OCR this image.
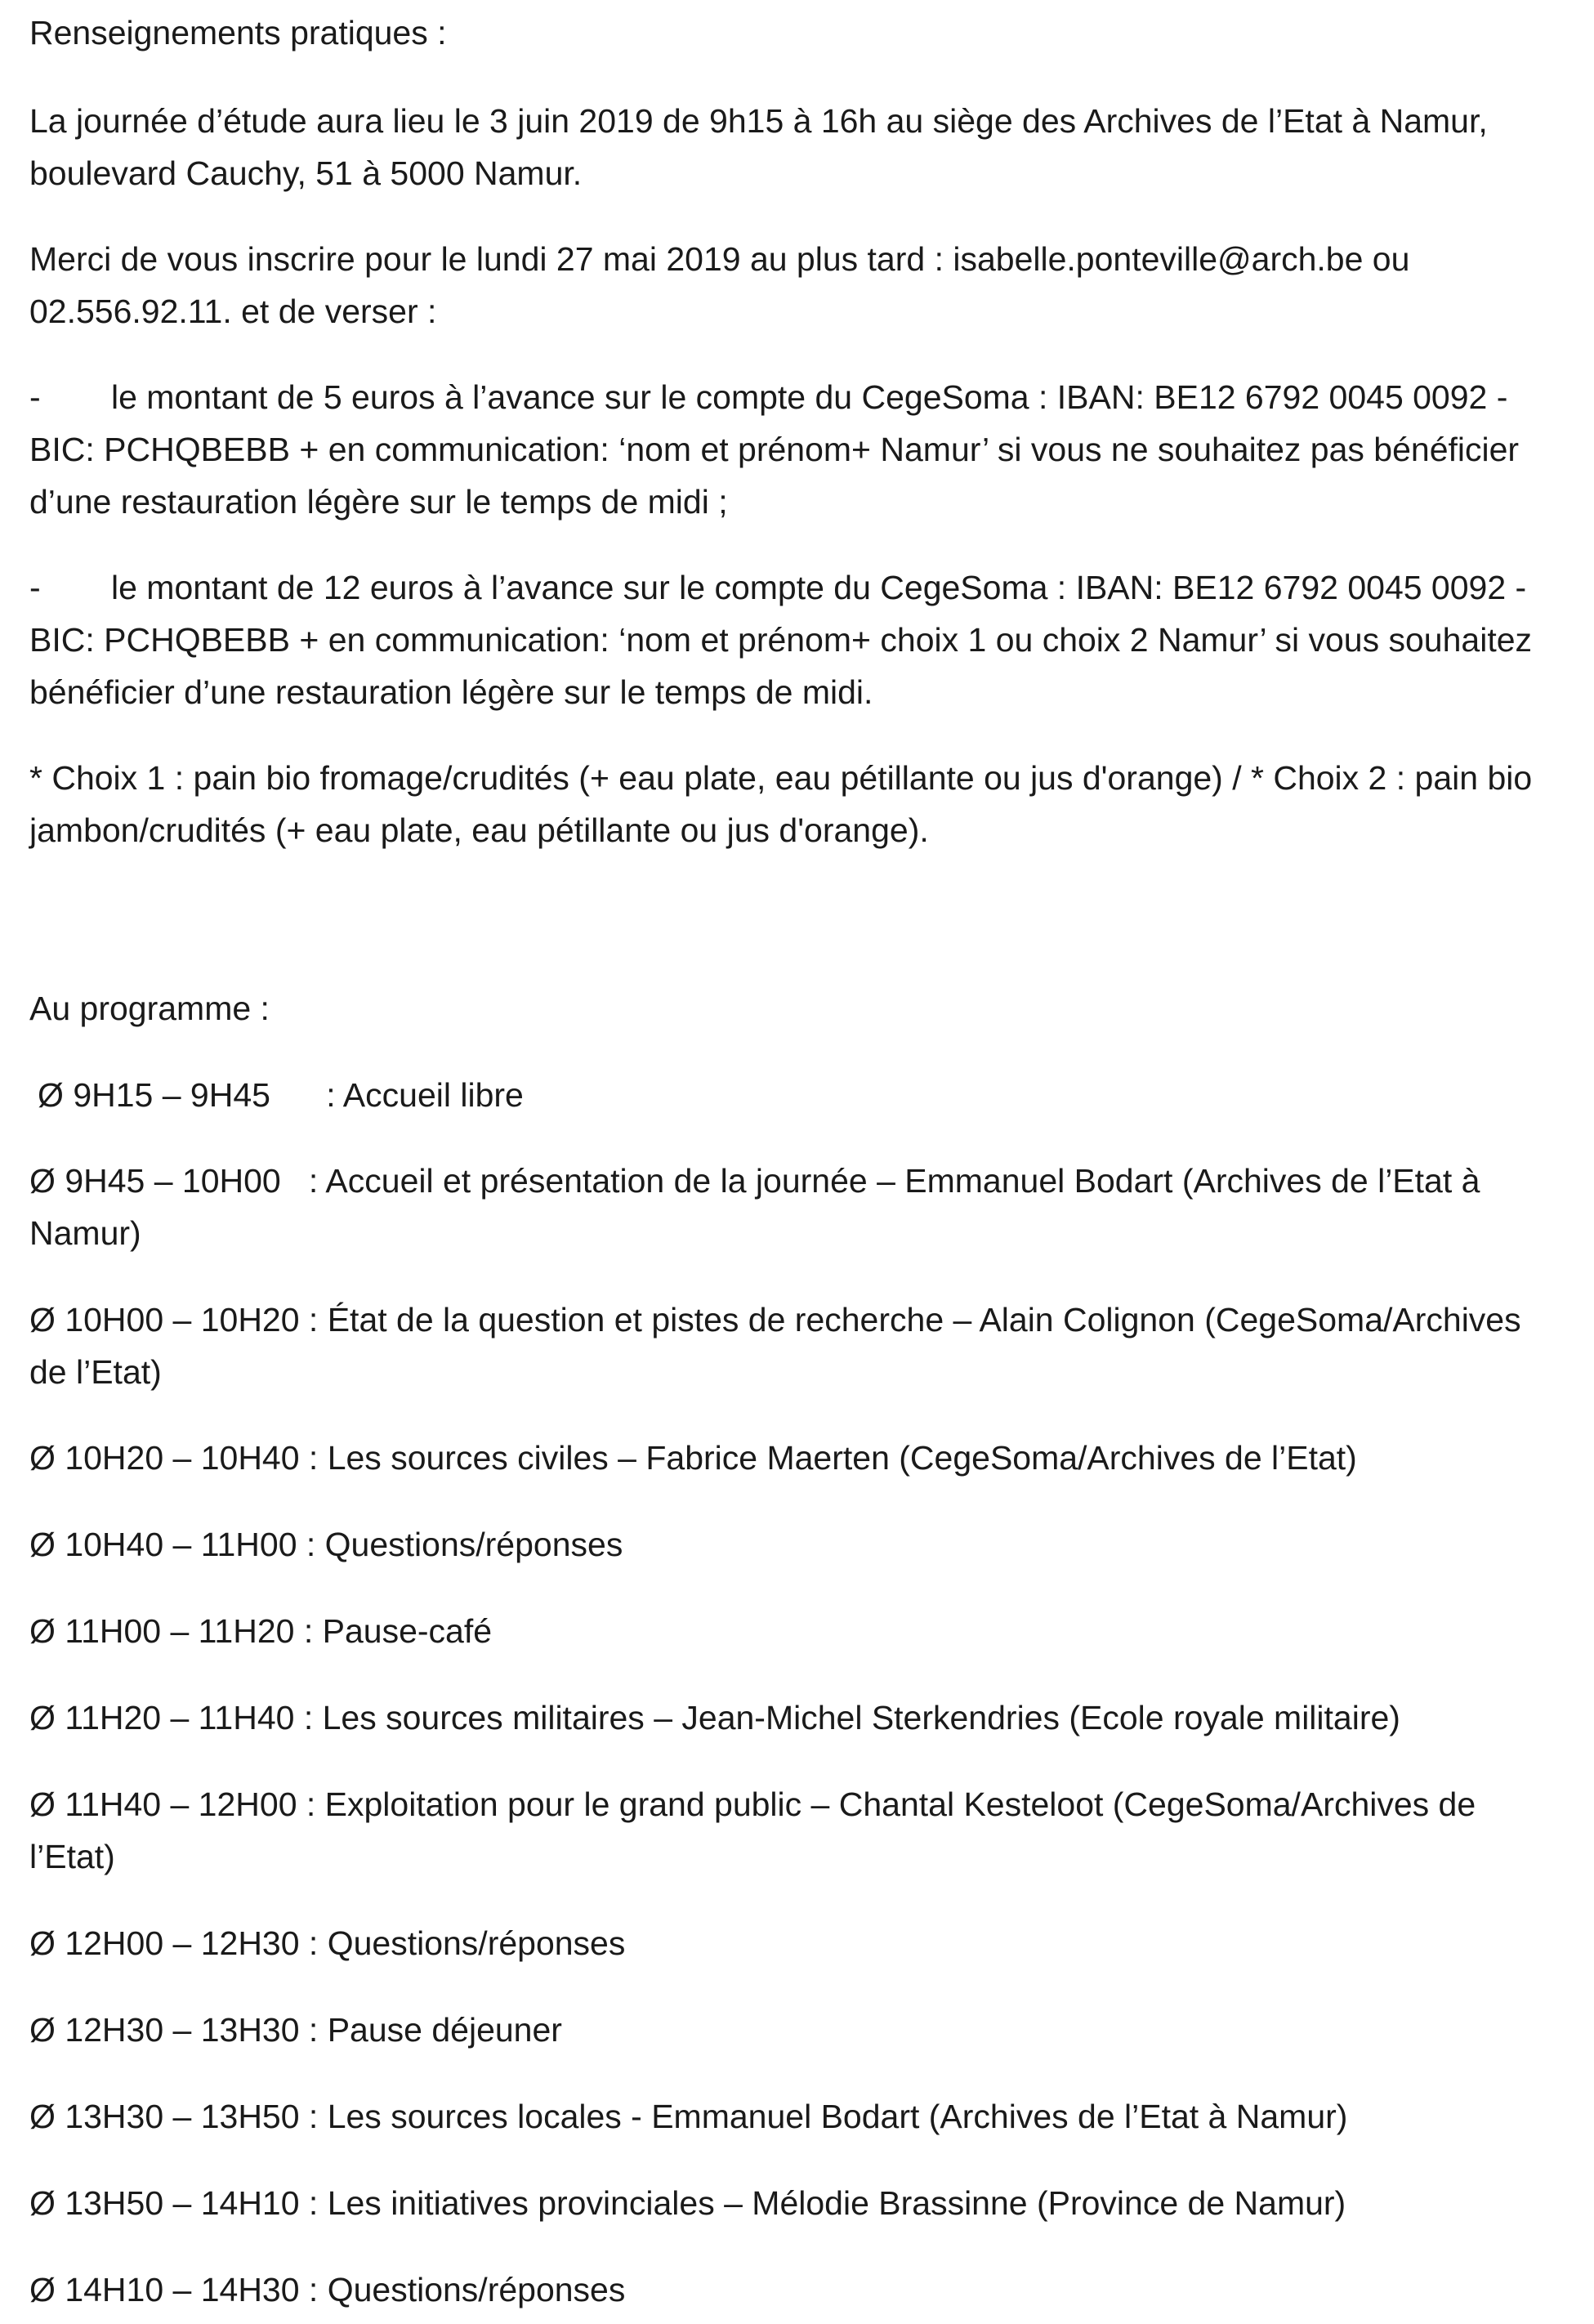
Renseignements pratiques :

La journée d’étude aura lieu le 3 juin 2019 de 9h15 à 16h au siège des Archives de l’Etat à Namur, boulevard Cauchy, 51 à 5000 Namur.

Merci de vous inscrire pour le lundi 27 mai 2019 au plus tard : isabelle.ponteville@arch.be ou 02.556.92.11. et de verser :

- le montant de 5 euros à l’avance sur le compte du CegeSoma : IBAN: BE12 6792 0045 0092 - BIC: PCHQBEBB + en communication: ‘nom et prénom+ Namur’ si vous ne souhaitez pas bénéficier d’une restauration légère sur le temps de midi ;

- le montant de 12 euros à l’avance sur le compte du CegeSoma : IBAN: BE12 6792 0045 0092 - BIC: PCHQBEBB + en communication: ‘nom et prénom+ choix 1 ou choix 2 Namur’ si vous souhaitez bénéficier d’une restauration légère sur le temps de midi.

* Choix 1 : pain bio fromage/crudités (+ eau plate, eau pétillante ou jus d'orange) / * Choix 2 : pain bio jambon/crudités (+ eau plate, eau pétillante ou jus d'orange).

Au programme :

Ø 9H15 – 9H45      : Accueil libre

Ø 9H45 – 10H00   : Accueil et présentation de la journée – Emmanuel Bodart (Archives de l’Etat à Namur)

Ø 10H00 – 10H20 : État de la question et pistes de recherche – Alain Colignon (CegeSoma/Archives de l’Etat)

Ø 10H20 – 10H40 : Les sources civiles – Fabrice Maerten (CegeSoma/Archives de l’Etat)

Ø 10H40 – 11H00 : Questions/réponses

Ø 11H00 – 11H20 : Pause-café

Ø 11H20 – 11H40 : Les sources militaires – Jean-Michel Sterkendries (Ecole royale militaire)

Ø 11H40 – 12H00 : Exploitation pour le grand public – Chantal Kesteloot (CegeSoma/Archives de l’Etat)

Ø 12H00 – 12H30 : Questions/réponses

Ø 12H30 – 13H30 : Pause déjeuner

Ø 13H30 – 13H50 : Les sources locales - Emmanuel Bodart (Archives de l’Etat à Namur)

Ø 13H50 – 14H10 : Les initiatives provinciales – Mélodie Brassinne (Province de Namur)

Ø 14H10 – 14H30 : Questions/réponses
